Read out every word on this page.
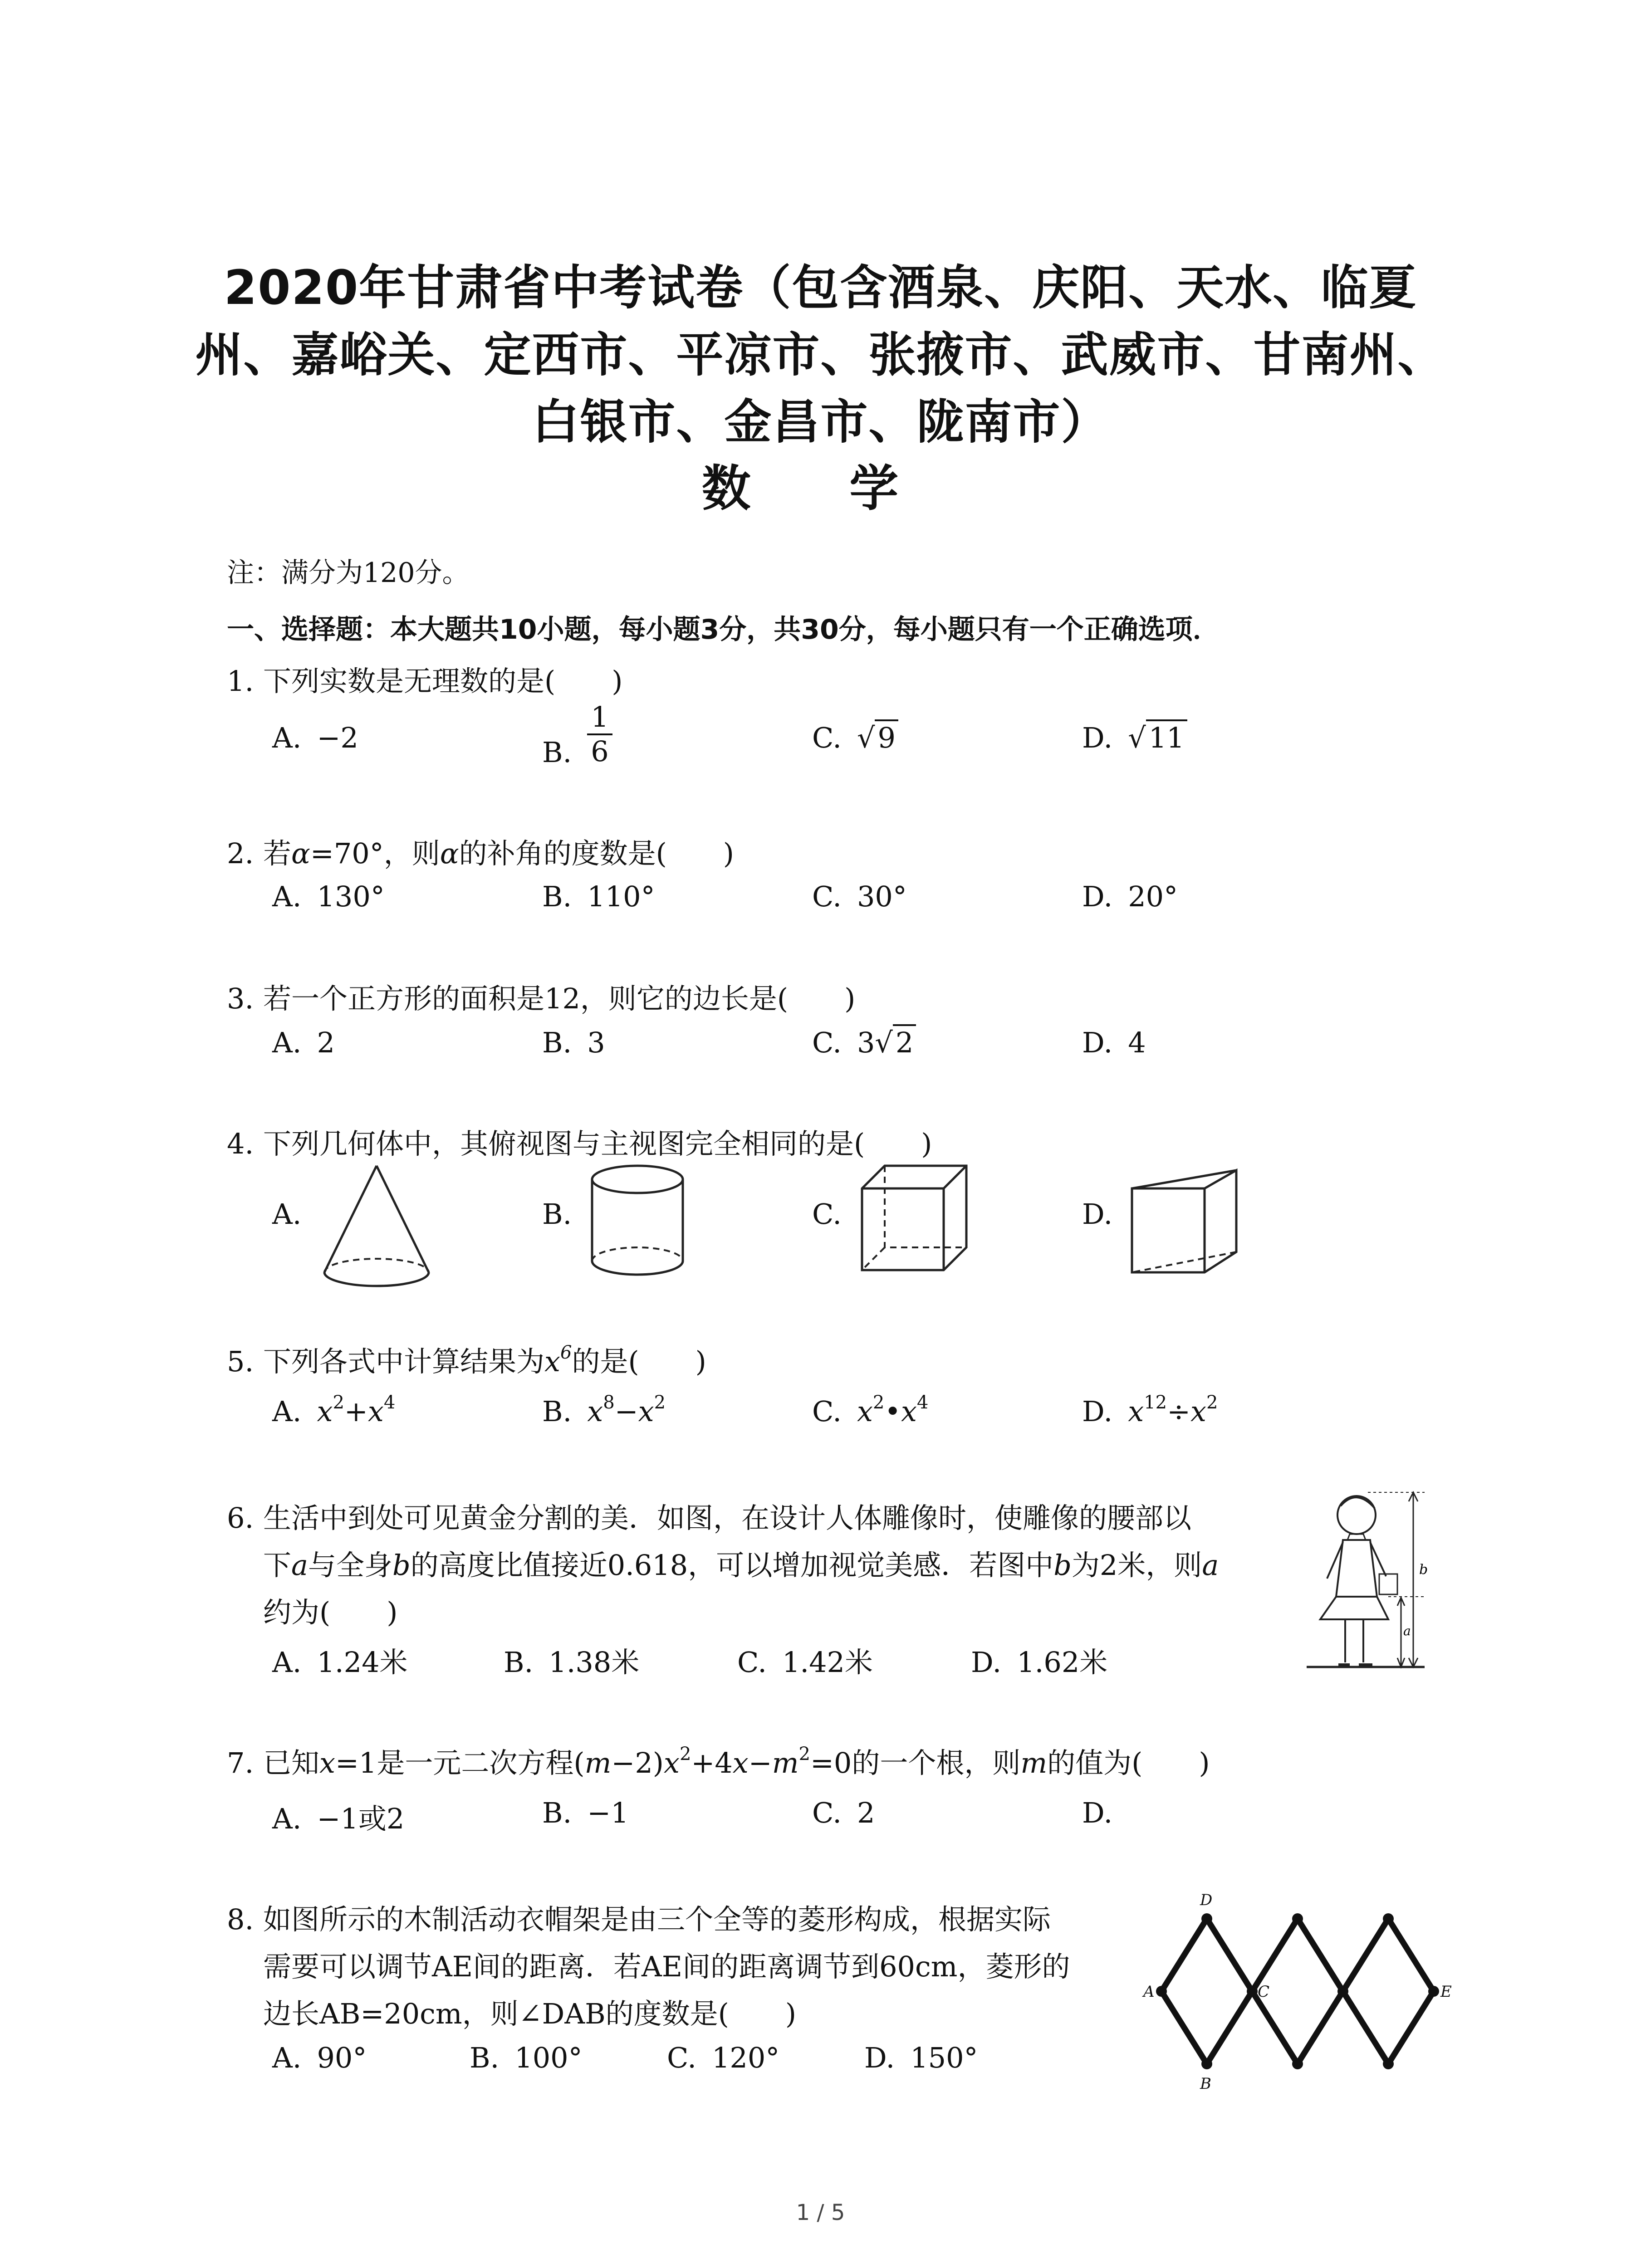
2020年甘肃省中考试卷（包含酒泉、庆阳、天水、临夏州、嘉峪关、定西市、平凉市、张掖市、武威市、甘南州、白银市、金昌市、陇南市）
数 学
注：满分为120分。
一、选择题：本大题共10小题，每小题3分，共30分，每小题只有一个正确选项．
1. 下列实数是无理数的是(　　)
A. −2	B. $\frac{1}{6}$	C. √9	D. √11
2. 若α=70°，则α的补角的度数是(　　)
A. 130°	B. 110°	C. 30°	D. 20°
3. 若一个正方形的面积是12，则它的边长是(　　)
A. 2	B. 3	C. 3√2	D. 4
4. 下列几何体中，其俯视图与主视图完全相同的是(　　)
A.	B.	C.	D.
5. 下列各式中计算结果为$x^6$的是(　　)
A. $x^2+x^4$	B. $x^8-x^2$	C. $x^2•x^4$	D. $x^{12}\div x^2$
6. 生活中到处可见黄金分割的美．如图，在设计人体雕像时，使雕像的腰部以
下a与全身b的高度比值接近0.618，可以增加视觉美感．若图中b为2米，则a
约为(　　)
A. 1.24米	B. 1.38米	C. 1.42米	D. 1.62米
b
a
7. 已知x=1是一元二次方程$(m-2)x^2+4x-m^2=0$的一个根，则m的值为(　　)
A. −1或2	B. −1	C. 2	D.
8. 如图所示的木制活动衣帽架是由三个全等的菱形构成，根据实际
需要可以调节AE间的距离．若AE间的距离调节到60cm，菱形的
边长AB=20cm，则∠DAB的度数是(　　)
A. 90°	B. 100°	C. 120°	D. 150°
D
A	C	E
B
1 / 5
